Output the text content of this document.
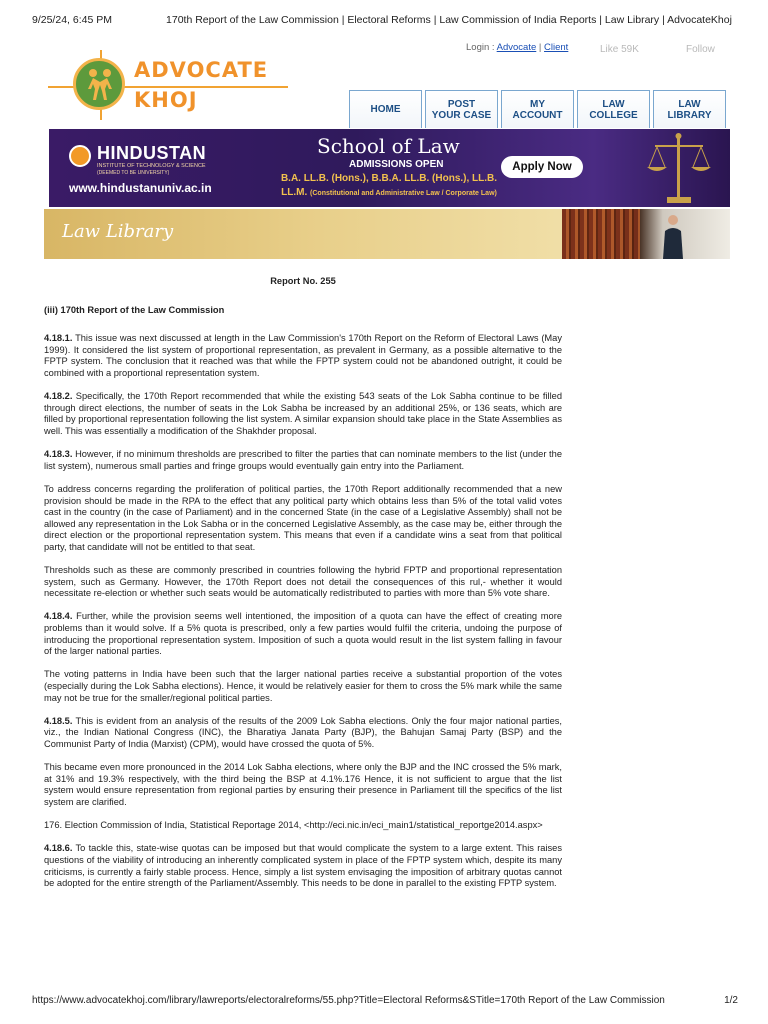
9/25/24, 6:45 PM	170th Report of the Law Commission | Electoral Reforms | Law Commission of India Reports | Law Library | AdvocateKhoj
Login : Advocate | Client	Like 59K	Follow
ADVOCATE
KHOJ	HOME	POST
YOUR CASE
MY
ACCOUNT
LAW
COLLEGE
LAW
LIBRARY
HINDUSTAN
INSTITUTE OF TECHNOLOGY & SCIENCE
(DEEMED TO BE UNIVERSITY)
www.hindustanuniv.ac.in
School of Law
ADMISSIONS OPEN
B.A. LL.B. (Hons.), B.B.A. LL.B. (Hons.), LL.B.
LL.M. (Constitutional and Administrative Law / Corporate Law)
Apply Now
Law Library
Report No. 255
(iii) 170th Report of the Law Commission

4.18.1. This issue was next discussed at length in the Law Commission's 170th Report on the Reform of Electoral Laws (May 1999). It considered the list system of proportional representation, as prevalent in Germany, as a possible alternative to the FPTP system. The conclusion that it reached was that while the FPTP system could not be abandoned outright, it could be combined with a proportional representation system.

4.18.2. Specifically, the 170th Report recommended that while the existing 543 seats of the Lok Sabha continue to be filled through direct elections, the number of seats in the Lok Sabha be increased by an additional 25%, or 136 seats, which are filled by proportional representation following the list system. A similar expansion should take place in the State Assemblies as well. This was essentially a modification of the Shakhder proposal.

4.18.3. However, if no minimum thresholds are prescribed to filter the parties that can nominate members to the list (under the list system), numerous small parties and fringe groups would eventually gain entry into the Parliament.

To address concerns regarding the proliferation of political parties, the 170th Report additionally recommended that a new provision should be made in the RPA to the effect that any political party which obtains less than 5% of the total valid votes cast in the country (in the case of Parliament) and in the concerned State (in the case of a Legislative Assembly) shall not be allowed any representation in the Lok Sabha or in the concerned Legislative Assembly, as the case may be, either through the direct election or the proportional representation system. This means that even if a candidate wins a seat from that political party, that candidate will not be entitled to that seat.

Thresholds such as these are commonly prescribed in countries following the hybrid FPTP and proportional representation system, such as Germany. However, the 170th Report does not detail the consequences of this rul,- whether it would necessitate re-election or whether such seats would be automatically redistributed to parties with more than 5% vote share.

4.18.4. Further, while the provision seems well intentioned, the imposition of a quota can have the effect of creating more problems than it would solve. If a 5% quota is prescribed, only a few parties would fulfil the criteria, undoing the purpose of introducing the proportional representation system. Imposition of such a quota would result in the list system falling in favour of the larger national parties.

The voting patterns in India have been such that the larger national parties receive a substantial proportion of the votes (especially during the Lok Sabha elections). Hence, it would be relatively easier for them to cross the 5% mark while the same may not be true for the smaller/regional political parties.

4.18.5. This is evident from an analysis of the results of the 2009 Lok Sabha elections. Only the four major national parties, viz., the Indian National Congress (INC), the Bharatiya Janata Party (BJP), the Bahujan Samaj Party (BSP) and the Communist Party of India (Marxist) (CPM), would have crossed the quota of 5%.

This became even more pronounced in the 2014 Lok Sabha elections, where only the BJP and the INC crossed the 5% mark, at 31% and 19.3% respectively, with the third being the BSP at 4.1%.176 Hence, it is not sufficient to argue that the list system would ensure representation from regional parties by ensuring their presence in Parliament till the specifics of the list system are clarified.

176. Election Commission of India, Statistical Reportage 2014, <http://eci.nic.in/eci_main1/statistical_reportge2014.aspx>

4.18.6. To tackle this, state-wise quotas can be imposed but that would complicate the system to a large extent. This raises questions of the viability of introducing an inherently complicated system in place of the FPTP system which, despite its many criticisms, is currently a fairly stable process. Hence, simply a list system envisaging the imposition of arbitrary quotas cannot be adopted for the entire strength of the Parliament/Assembly. This needs to be done in parallel to the existing FPTP system.

https://www.advocatekhoj.com/library/lawreports/electoralreforms/55.php?Title=Electoral Reforms&STitle=170th Report of the Law Commission	1/2
